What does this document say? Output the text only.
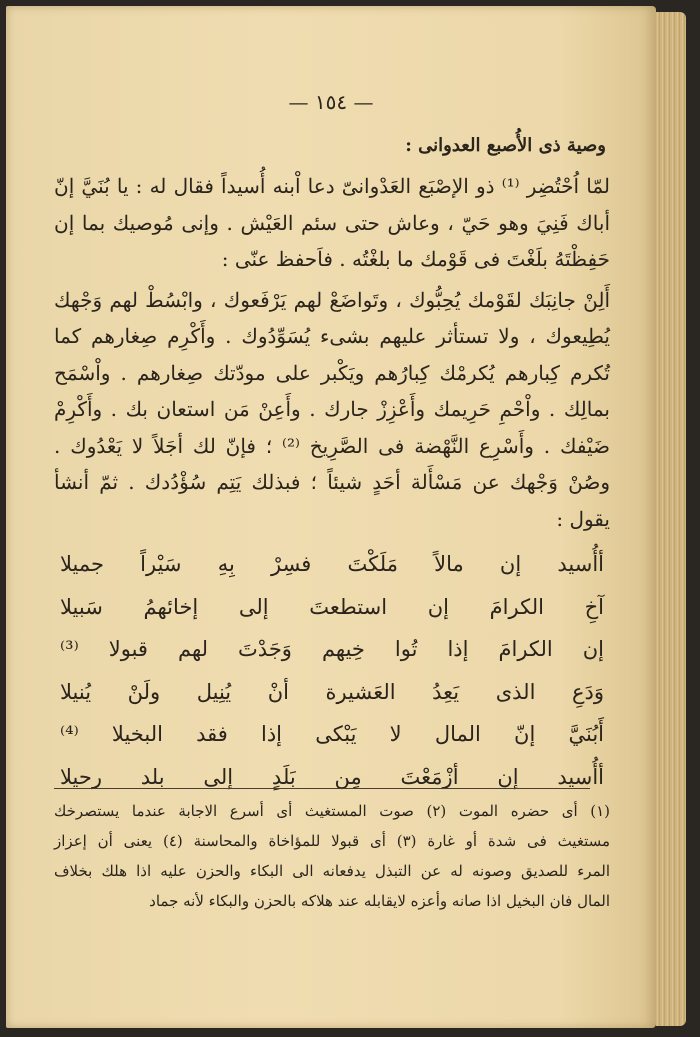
— ١٥٤ —
وصية ذى الأُصبع العدوانى :

لمّا اُحْتُضِر ⁽¹⁾ ذو الإصْبَع العَدْوانىّ دعا اْبنه أُسيداً فقال له : يا بُنَيَّ إنّ أباك فَنِيَ وهو حَيّ ، وعاش حتى سئم العَيْش . وإنى مُوصيك بما إن حَفِظْتَهُ بلَغْتَ فى قَوْمك ما بلغْتُه . فاَحفظ عنّى :

أَلِنْ جانِبَك لقَوْمك يُحِبُّوك ، وتَواضَعْ لهم يَرْفَعوك ، وابْسُطْ لهم وَجْهك يُطِيعوك ، ولا تستأثر عليهم بشىء يُسَوِّدُوك . وأَكْرِم صِغارهم كما تُكرم كِبارهم يُكرمْك كِبارُهم ويَكْبر على مودّتك صِغارهم . واْسْمَح بمالِك . واْحْمِ حَرِيمك وأَعْزِزْ جارك . وأَعِنْ مَن استعان بك . وأَكْرِمْ ضَيْفك . وأَسْرِع النَّهْضة فى الصَّرِيخ ⁽²⁾ ؛ فإنّ لك أجَلاً لا يَعْدُوك . وصُنْ وَجْهك عن مَسْأَلة أحَدٍ شيئاً ؛ فبذلك يَتِم سُؤْدُدك . ثمّ أنشأ يقول :

أأُسيد إن مالاً مَلَكْتَ فسِرْ بِهِ سَيْراً جميلا
آخِ الكرامَ إن استطعتَ إلى إخائهمُ سَبيلا
إن الكرامَ إذا تُوا خِيهم وَجَدْتَ لهم قبولا ⁽³⁾
وَدَعِ الذى يَعِدُ العَشيرة أنْ يُنِيل ولَنْ يُنيلا
أَبُنَيَّ إنّ المال لا يَبْكى إذا فقد البخيلا ⁽⁴⁾
أأُسيد إن أزْمَعْتَ مِن بَلَدٍ إلى بلد رحيلا
(١) أى حضره الموت (٢) صوت المستغيث أى أسرع الاجابة عندما يستصرخك
مستغيث فى شدة أو غارة (٣) أى قبولا للمؤاخاة والمحاسنة (٤) يعنى أن إعزاز
المرء للصديق وصونه له عن التبذل يدفعانه الى البكاء والحزن عليه اذا هلك بخلاف
المال فان البخيل اذا صانه وأعزه لايقابله عند هلاكه بالحزن والبكاء لأنه جماد
